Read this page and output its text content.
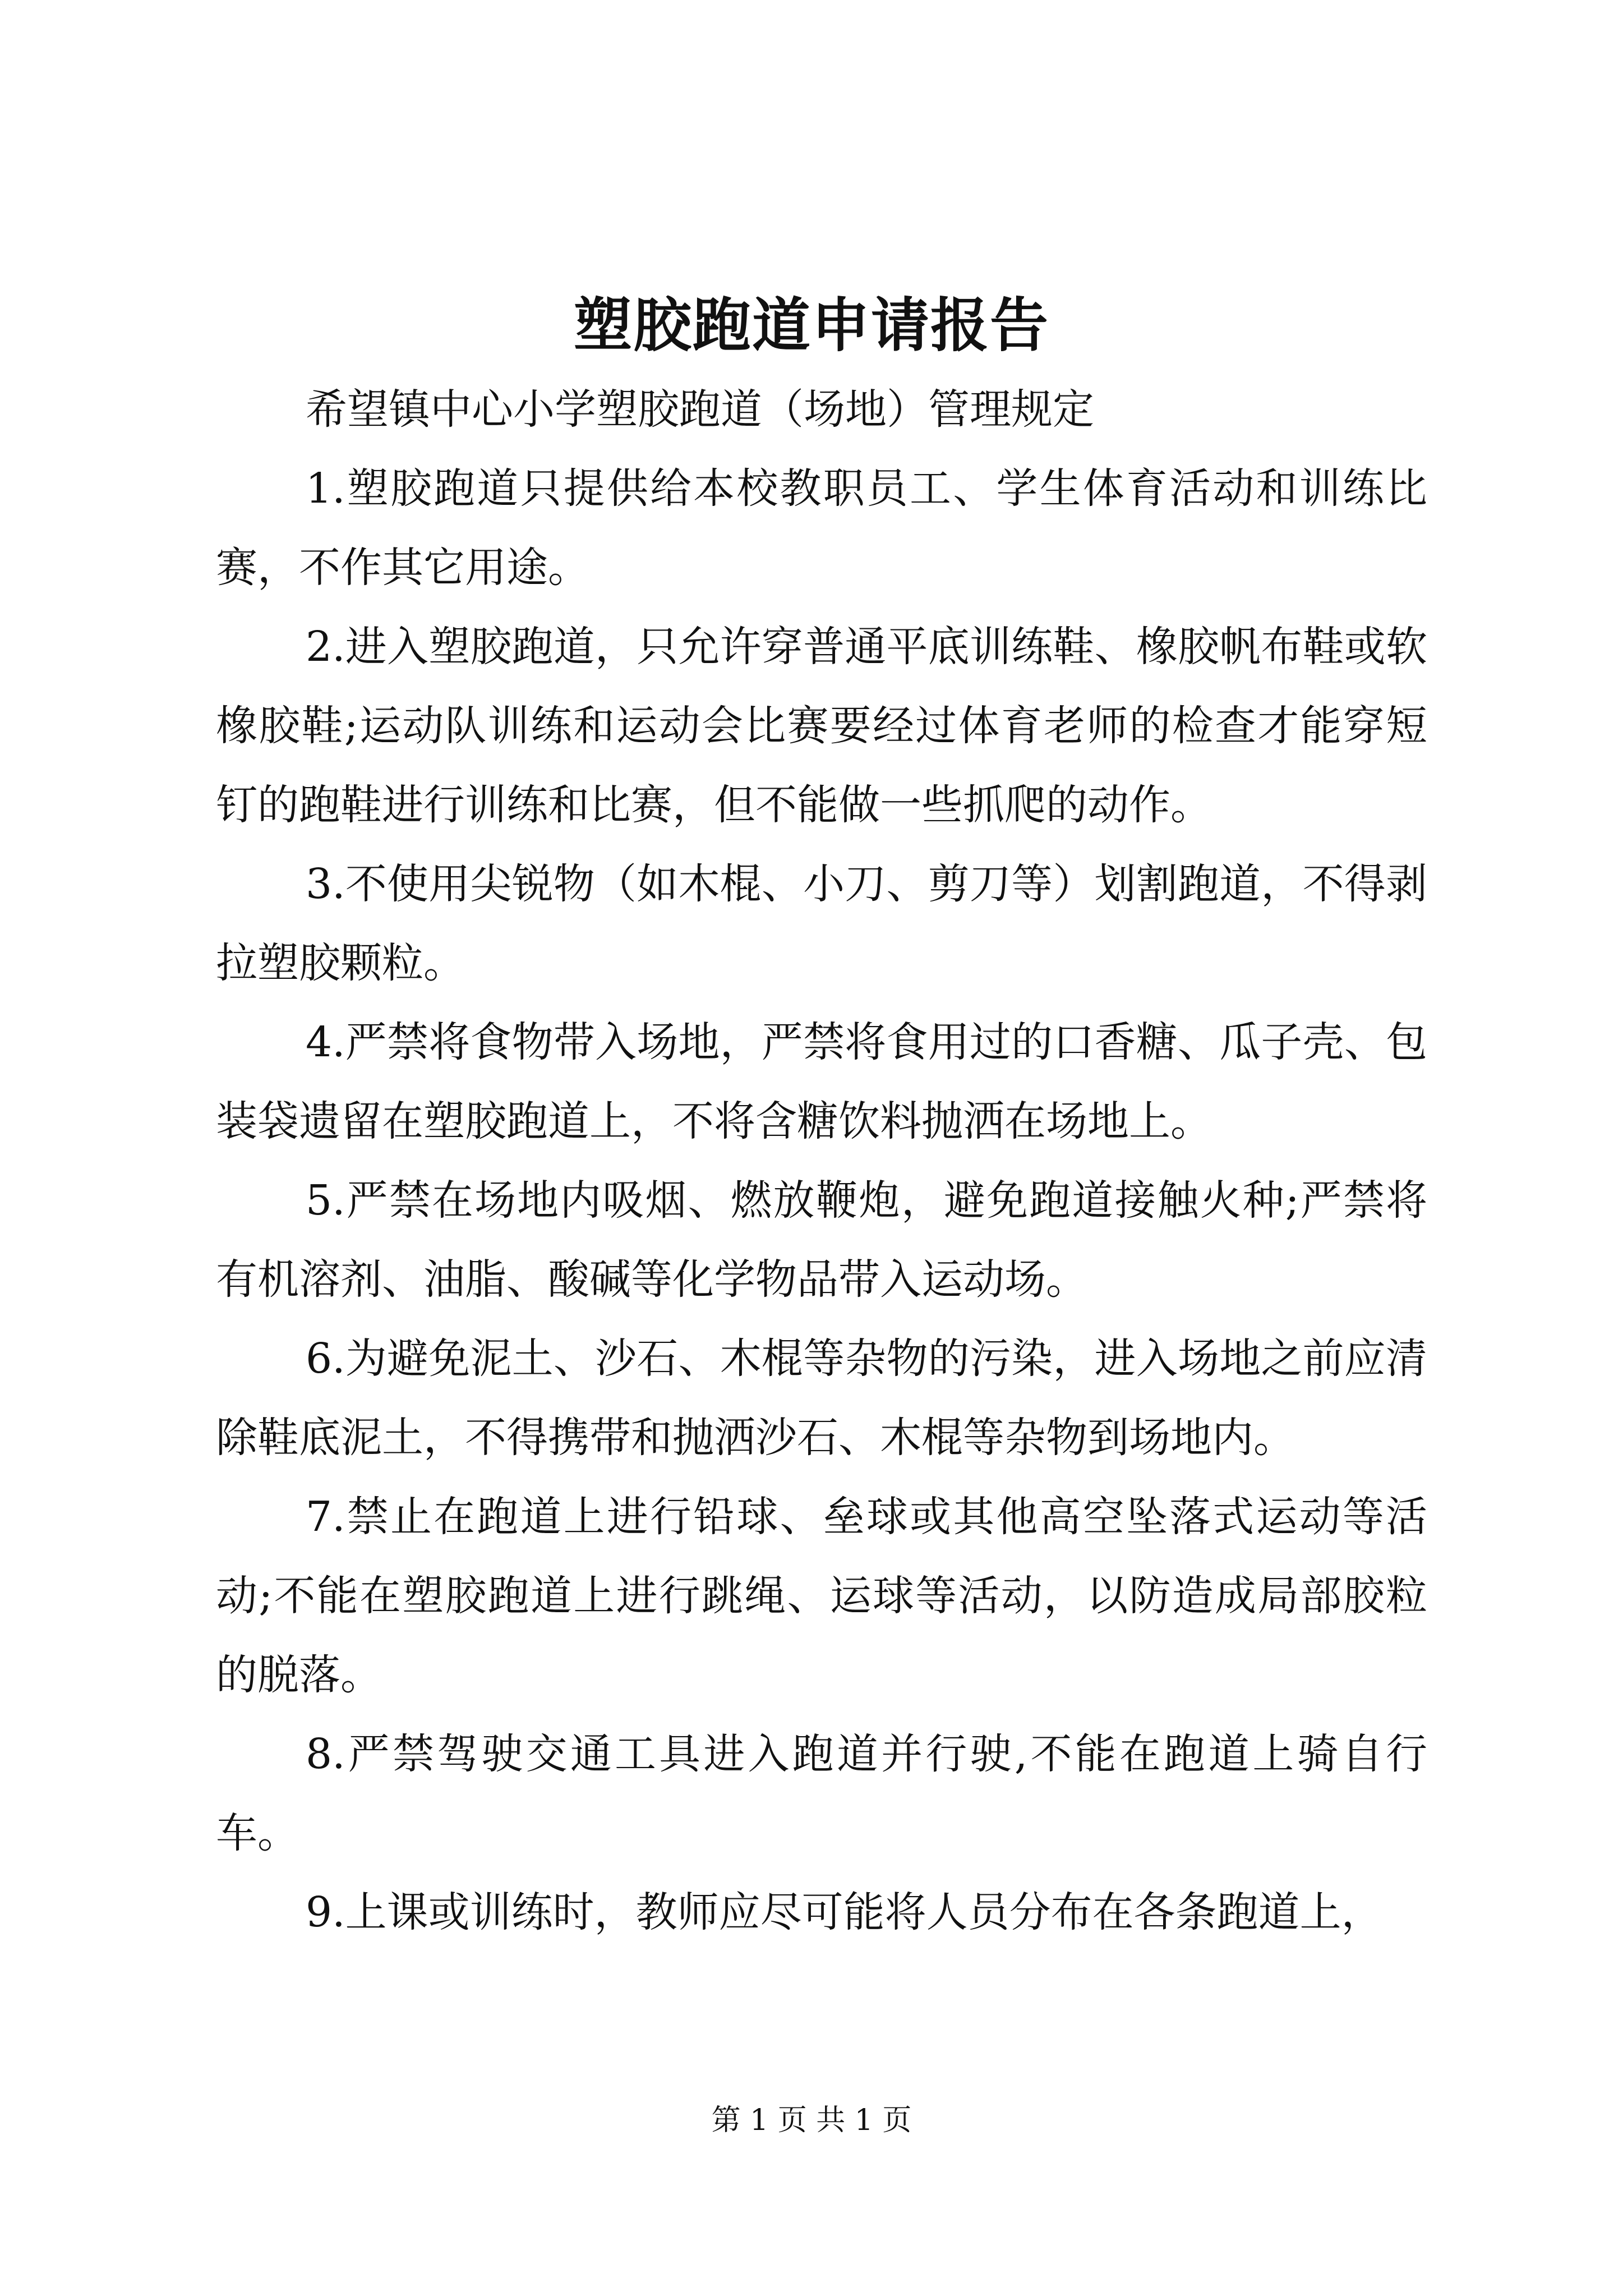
塑胶跑道申请报告

希望镇中心小学塑胶跑道（场地）管理规定

1.塑胶跑道只提供给本校教职员工、学生体育活动和训练比赛，不作其它用途。

2.进入塑胶跑道，只允许穿普通平底训练鞋、橡胶帆布鞋或软橡胶鞋;运动队训练和运动会比赛要经过体育老师的检查才能穿短钉的跑鞋进行训练和比赛，但不能做一些抓爬的动作。

3.不使用尖锐物（如木棍、小刀、剪刀等）划割跑道，不得剥拉塑胶颗粒。

4.严禁将食物带入场地，严禁将食用过的口香糖、瓜子壳、包装袋遗留在塑胶跑道上，不将含糖饮料抛洒在场地上。

5.严禁在场地内吸烟、燃放鞭炮，避免跑道接触火种;严禁将有机溶剂、油脂、酸碱等化学物品带入运动场。

6.为避免泥土、沙石、木棍等杂物的污染，进入场地之前应清除鞋底泥土，不得携带和抛洒沙石、木棍等杂物到场地内。

7.禁止在跑道上进行铅球、垒球或其他高空坠落式运动等活动;不能在塑胶跑道上进行跳绳、运球等活动，以防造成局部胶粒的脱落。

8.严禁驾驶交通工具进入跑道并行驶,不能在跑道上骑自行车。

9.上课或训练时，教师应尽可能将人员分布在各条跑道上，

第 1 页 共 1 页
